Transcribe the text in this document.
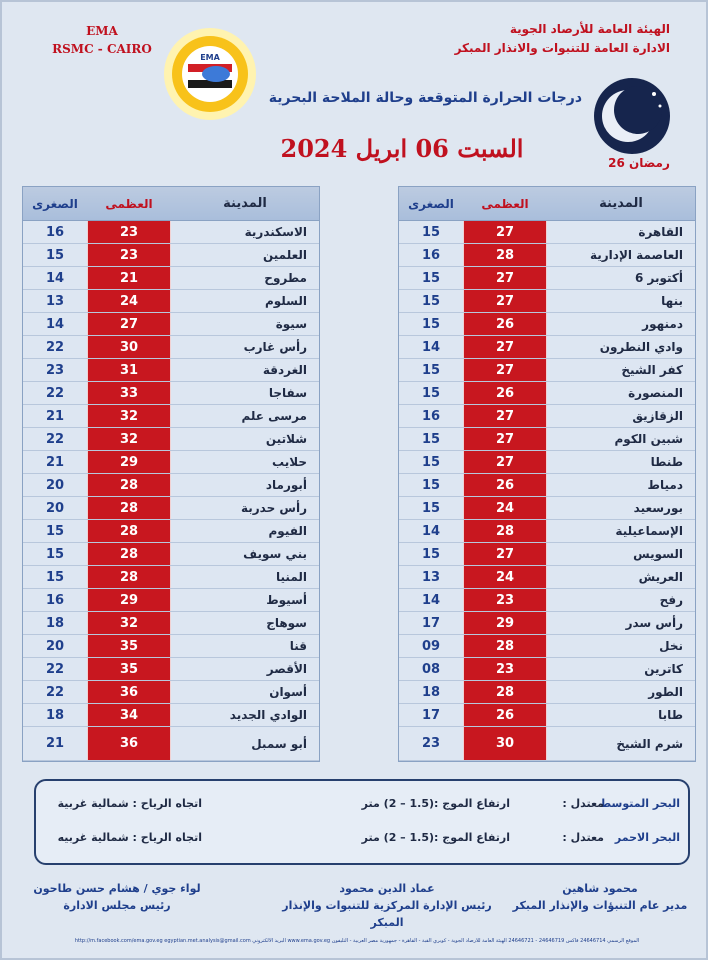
EMA
RSMC - CAIRO
EMA
الهيئة العامة للأرصاد الجوية
الادارة العامة للتنبوات والانذار المبكر
درجات الحرارة المتوقعة وحالة الملاحة البحرية
السبت 06 ابريل 2024	26 رمضان
الصغرى	العظمى	المدينة
15	27	القاهرة
16	28	العاصمة الإدارية
15	27	6 أكتوبر
15	27	بنها
15	26	دمنهور
14	27	وادي النطرون
15	27	كفر الشيخ
15	26	المنصورة
16	27	الزقازيق
15	27	شبين الكوم
15	27	طنطا
15	26	دمياط
15	24	بورسعيد
14	28	الإسماعيلية
15	27	السويس
13	24	العريش
14	23	رفح
17	29	رأس سدر
09	28	نخل
08	23	كاترين
18	28	الطور
17	26	طابا
23	30	شرم الشيخ
الصغرى	العظمى	المدينة
16	23	الاسكندرية
15	23	العلمين
14	21	مطروح
13	24	السلوم
14	27	سيوة
22	30	رأس غارب
23	31	الغردقة
22	33	سفاجا
21	32	مرسى علم
22	32	شلاتين
21	29	حلايب
20	28	أبورماد
20	28	رأس حدربة
15	28	الفيوم
15	28	بني سويف
15	28	المنيا
16	29	أسيوط
18	32	سوهاج
20	35	قنا
22	35	الأقصر
22	36	أسوان
18	34	الوادي الجديد
21	36	أبو سمبل
البحر المتوسط
: معتدل
ارتفاع الموج :(1.5 – 2) متر
اتجاه الرياح : شمالية غربية
البحر الاحمر
: معتدل
ارتفاع الموج :(1.5 – 2) متر
اتجاه الرياح : شمالية غربيه
محمود شاهين
مدير عام التنبؤات والإنذار المبكر
عماد الدين محمود
رئيس الإدارة المركزية للتنبوات والإنذار المبكر
لواء جوي / هشام حسن طاحون
رئيس مجلس الادارة
http://m.facebook.com/ema.gov.eg egyptian.met.analysis@gmail.com البريد الالكتروني www.ema.gov.eg الموقع الرسمي 24646714 فاكس 24646719 - 24646721 الهيئة العامة للأرصاد الجوية - كوبري القبة - القاهرة - جمهورية مصر العربية - التليفون
